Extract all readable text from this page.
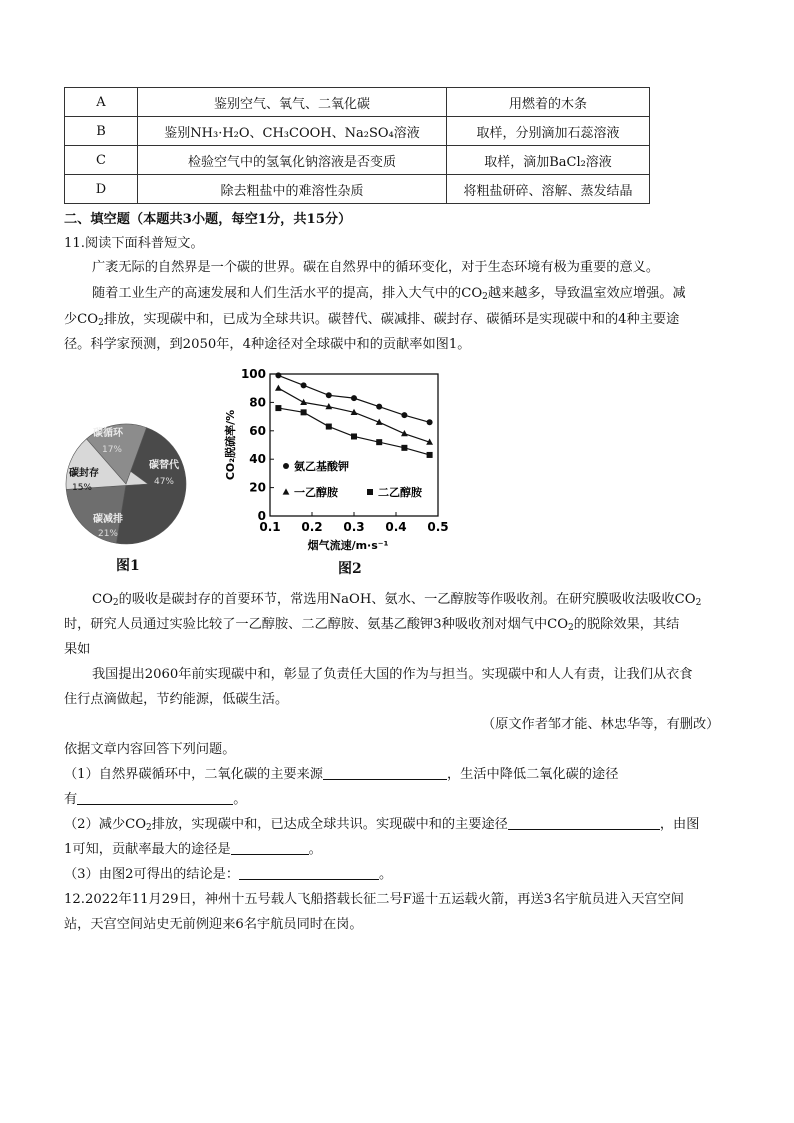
A	鉴别空气、氧气、二氧化碳	用燃着的木条
B	鉴别NH₃·H₂O、CH₃COOH、Na₂SO₄溶液	取样，分别滴加石蕊溶液
C	检验空气中的氢氧化钠溶液是否变质	取样，滴加BaCl₂溶液
D	除去粗盐中的难溶性杂质	将粗盐研碎、溶解、蒸发结晶
二、填空题（本题共3小题，每空1分，共15分）
11.阅读下面科普短文。
广袤无际的自然界是一个碳的世界。碳在自然界中的循环变化，对于生态环境有极为重要的意义。
随着工业生产的高速发展和人们生活水平的提高，排入大气中的$CO_2$越来越多，导致温室效应增强。减
少$CO_2$排放，实现碳中和，已成为全球共识。碳替代、碳减排、碳封存、碳循环是实现碳中和的4种主要途
径。科学家预测，到2050年，4种途径对全球碳中和的贡献率如图1。
碳替代
47%
碳减排
21%
碳封存
15%
碳循环
17%
图1
0
20
40
60
80
100
0.1 0.2 0.3 0.4 0.5
烟气流速/m·s⁻¹
CO₂脱硫率/%	氨乙基酸钾
一乙醇胺	二乙醇胺
图2
$CO_2$的吸收是碳封存的首要环节，常选用NaOH、氨水、一乙醇胺等作吸收剂。在研究膜吸收法吸收$CO_2$
时，研究人员通过实验比较了一乙醇胺、二乙醇胺、氨基乙酸钾3种吸收剂对烟气中$CO_2$的脱除效果，其结
果如
我国提出2060年前实现碳中和，彰显了负责任大国的作为与担当。实现碳中和人人有责，让我们从衣食
住行点滴做起，节约能源，低碳生活。
（原文作者邹才能、林忠华等，有删改）
依据文章内容回答下列问题。
（1）自然界碳循环中，二氧化碳的主要来源	，生活中降低二氧化碳的途径
有	。
（2）减少$CO_2$排放，实现碳中和，已达成全球共识。实现碳中和的主要途径	，由图
1可知，贡献率最大的途径是	。
（3）由图2可得出的结论是：	。
12.2022年11月29日，神州十五号载人飞船搭载长征二号F遥十五运载火箭，再送3名宇航员进入天宫空间
站，天宫空间站史无前例迎来6名宇航员同时在岗。
